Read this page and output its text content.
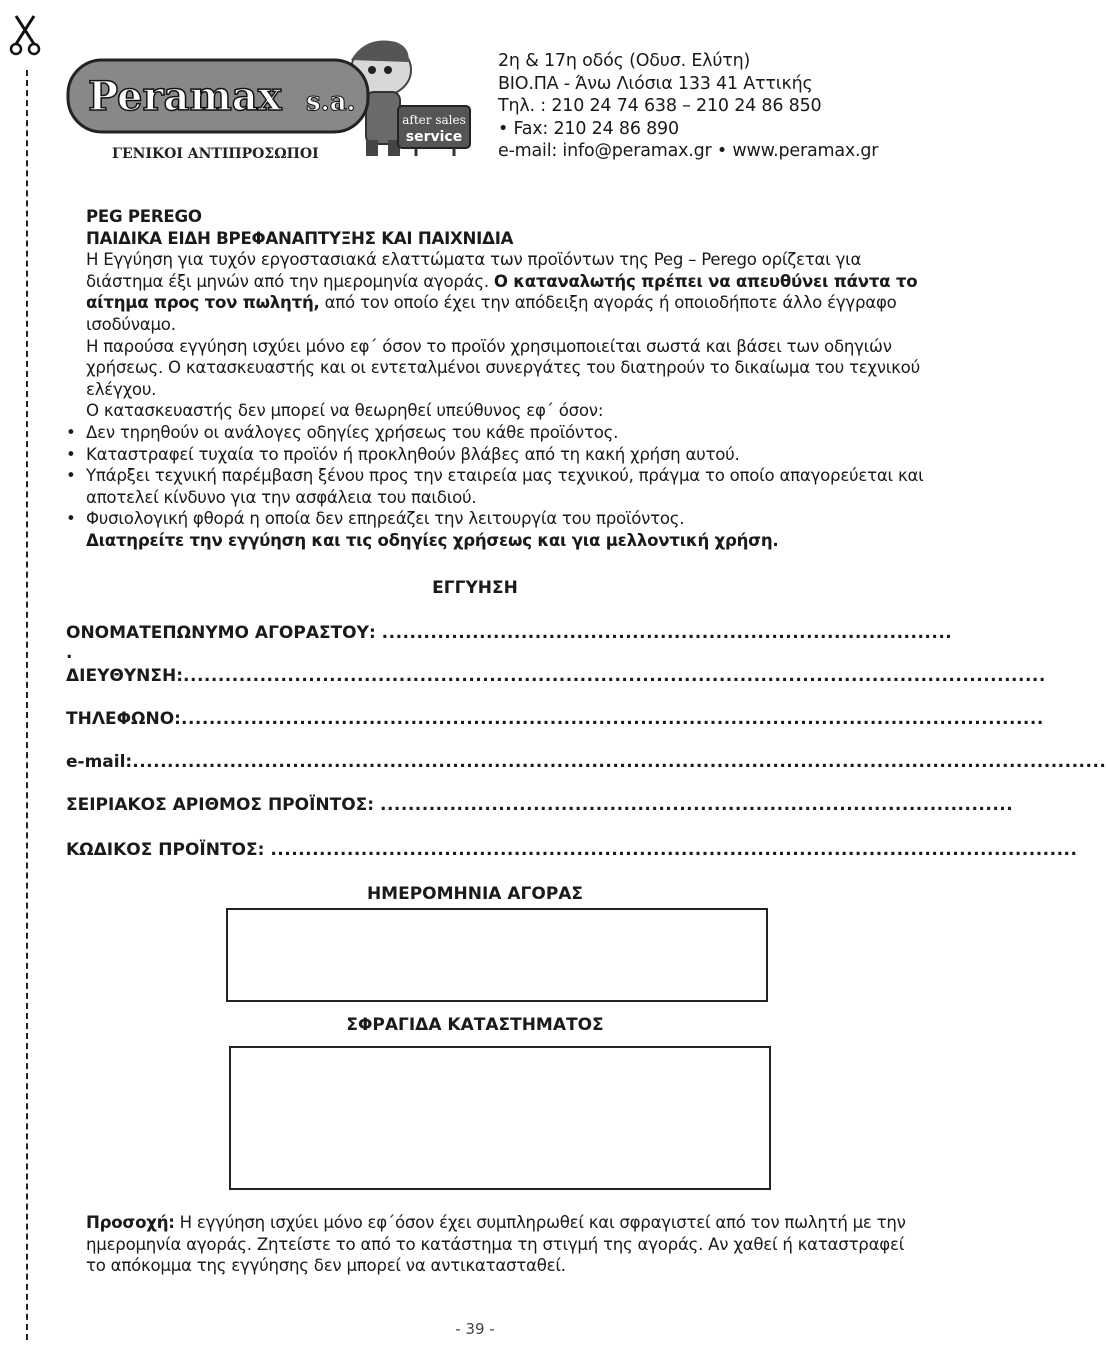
after sales
service
Peramax s.a.
ΓΕΝΙΚΟΙ ΑΝΤΙΠΡΟΣΩΠΟΙ
2η & 17η οδός (Οδυσ. Ελύτη)
ΒΙΟ.ΠΑ - Άνω Λιόσια 133 41 Αττικής
Τηλ. : 210 24 74 638 – 210 24 86 850
• Fax: 210 24 86 890
e-mail: info@peramax.gr • www.peramax.gr

PEG PEREGO

ΠΑΙΔΙΚΑ ΕΙΔΗ ΒΡΕΦΑΝΑΠΤΥΞΗΣ ΚΑΙ ΠΑΙΧΝΙΔΙΑ

Η Εγγύηση για τυχόν εργοστασιακά ελαττώματα των προϊόντων της Peg – Perego ορίζεται για διάστημα έξι μηνών από την ημερομηνία αγοράς. Ο καταναλωτής πρέπει να απευθύνει πάντα το αίτημα προς τον πωλητή, από τον οποίο έχει την απόδειξη αγοράς ή οποιοδήποτε άλλο έγγραφο ισοδύναμο.

Η παρούσα εγγύηση ισχύει μόνο εφ΄ όσον το προϊόν χρησιμοποιείται σωστά και βάσει των οδηγιών χρήσεως. Ο κατασκευαστής και οι εντεταλμένοι συνεργάτες του διατηρούν το δικαίωμα του τεχνικού ελέγχου.

Ο κατασκευαστής δεν μπορεί να θεωρηθεί υπεύθυνος εφ΄ όσον:

• Δεν τηρηθούν οι ανάλογες οδηγίες χρήσεως του κάθε προϊόντος.
• Καταστραφεί τυχαία το προϊόν ή προκληθούν βλάβες από τη κακή χρήση αυτού.
• Υπάρξει τεχνική παρέμβαση ξένου προς την εταιρεία μας τεχνικού, πράγμα το οποίο απαγορεύεται και αποτελεί κίνδυνο για την ασφάλεια του παιδιού.
• Φυσιολογική φθορά η οποία δεν επηρεάζει την λειτουργία του προϊόντος.

Διατηρείτε την εγγύηση και τις οδηγίες χρήσεως και για μελλοντική χρήση.

ΕΓΓΥΗΣΗ
ΟΝΟΜΑΤΕΠΩΝΥΜΟ ΑΓΟΡΑΣΤΟΥ: ..................................................................................
.
ΔΙΕΥΘΥΝΣΗ:............................................................................................................................
ΤΗΛΕΦΩΝΟ:............................................................................................................................
e-mail:............................................................................................................................................
ΣΕΙΡΙΑΚΟΣ ΑΡΙΘΜΟΣ ΠΡΟΪΝΤΟΣ: ...........................................................................................
ΚΩΔΙΚΟΣ ΠΡΟΪΝΤΟΣ: ....................................................................................................................
ΗΜΕΡΟΜΗΝΙΑ ΑΓΟΡΑΣ
ΣΦΡΑΓΙΔΑ ΚΑΤΑΣΤΗΜΑΤΟΣ
Προσοχή: Η εγγύηση ισχύει μόνο εφ΄όσον έχει συμπληρωθεί και σφραγιστεί από τον πωλητή με την ημερομηνία αγοράς. Ζητείστε το από το κατάστημα τη στιγμή της αγοράς. Αν χαθεί ή καταστραφεί το απόκομμα της εγγύησης δεν μπορεί να αντικατασταθεί.
- 39 -
